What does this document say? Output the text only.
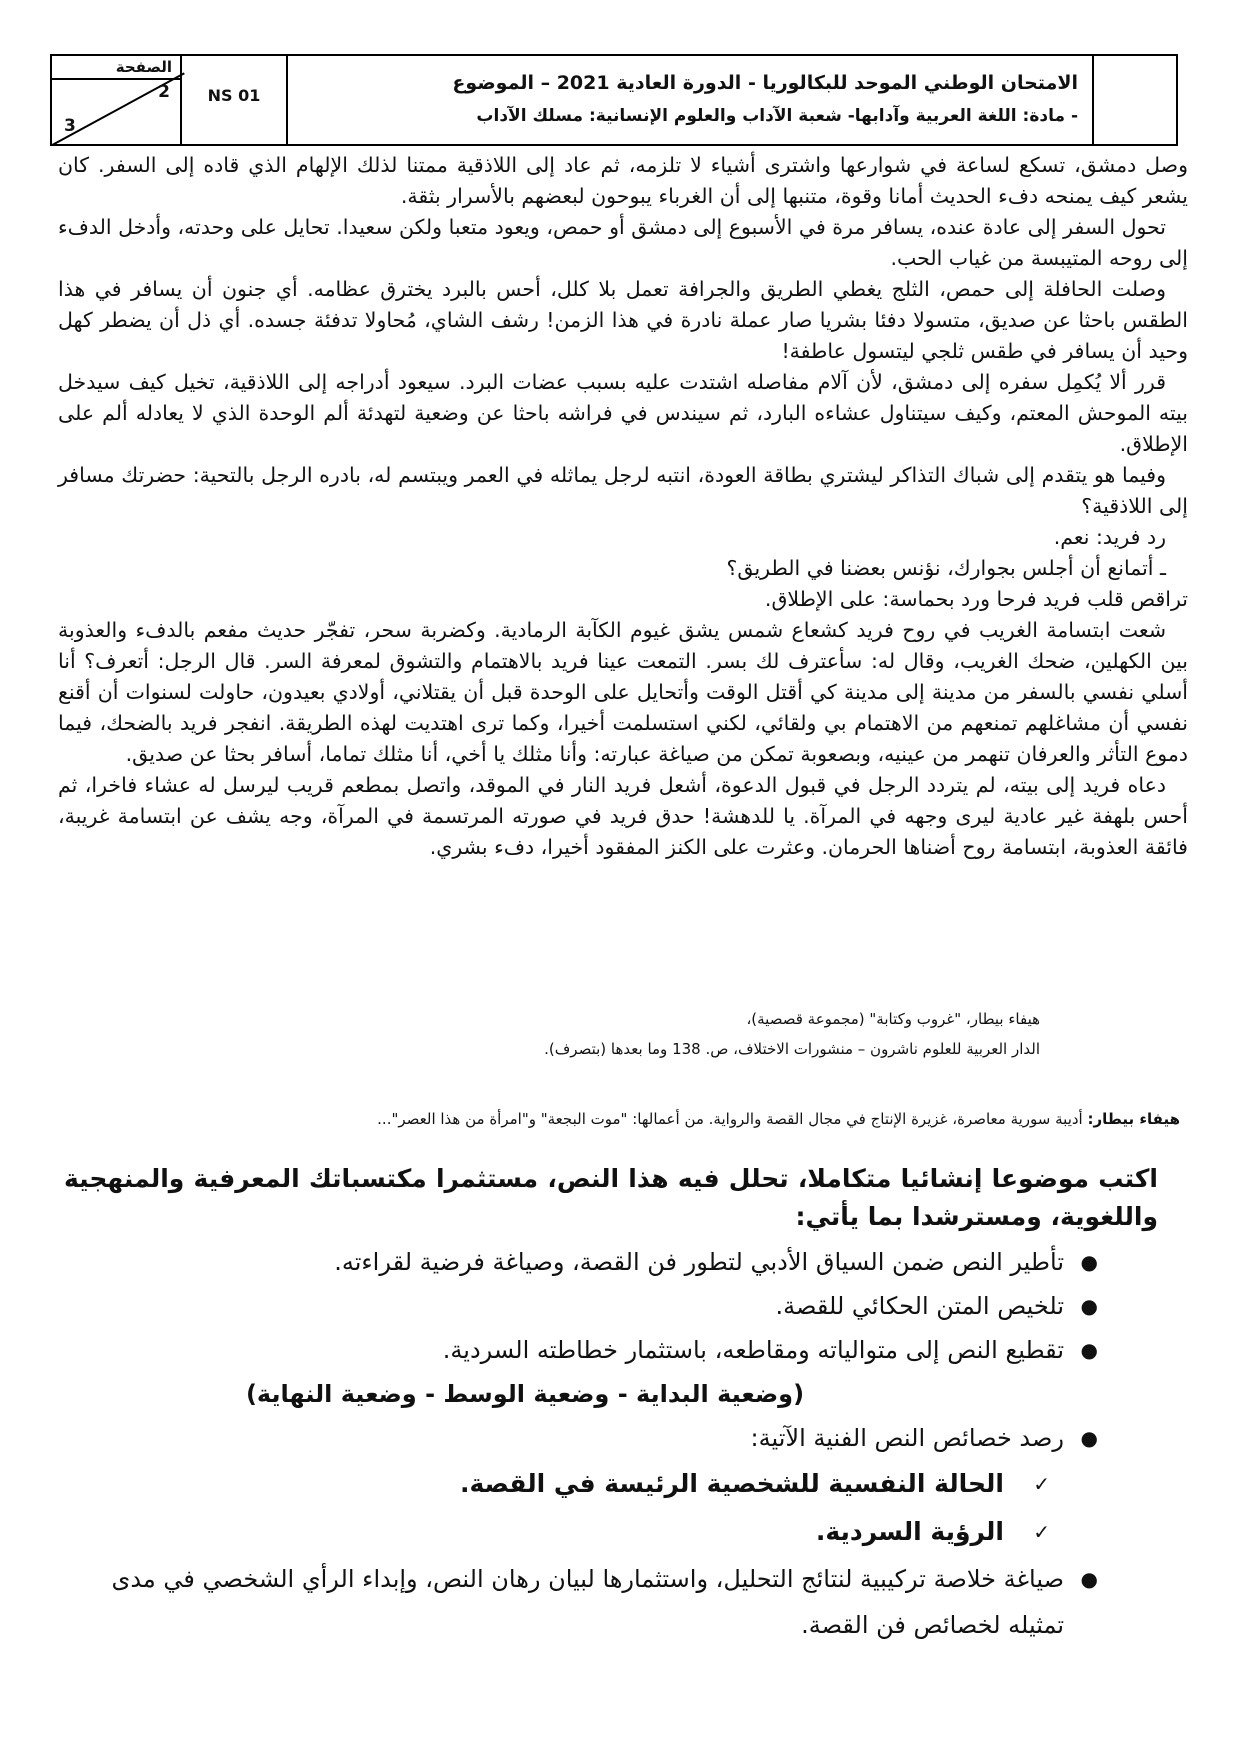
الصفحة
2
3
NS 01
الامتحان الوطني الموحد للبكالوريا - الدورة العادية 2021 – الموضوع
- مادة: اللغة العربية وآدابها- شعبة الآداب والعلوم الإنسانية: مسلك الآداب

وصل دمشق، تسكع لساعة في شوارعها واشترى أشياء لا تلزمه، ثم عاد إلى اللاذقية ممتنا لذلك الإلهام الذي قاده إلى السفر. كان يشعر كيف يمنحه دفء الحديث أمانا وقوة، متنبها إلى أن الغرباء يبوحون لبعضهم بالأسرار بثقة.

تحول السفر إلى عادة عنده، يسافر مرة في الأسبوع إلى دمشق أو حمص، ويعود متعبا ولكن سعيدا. تحايل على وحدته، وأدخل الدفء إلى روحه المتيبسة من غياب الحب.

وصلت الحافلة إلى حمص، الثلج يغطي الطريق والجرافة تعمل بلا كلل، أحس بالبرد يخترق عظامه. أي جنون أن يسافر في هذا الطقس باحثا عن صديق، متسولا دفئا بشريا صار عملة نادرة في هذا الزمن! رشف الشاي، مُحاولا تدفئة جسده. أي ذل أن يضطر كهل وحيد أن يسافر في طقس ثلجي ليتسول عاطفة!

قرر ألا يُكمِل سفره إلى دمشق، لأن آلام مفاصله اشتدت عليه بسبب عضات البرد. سيعود أدراجه إلى اللاذقية، تخيل كيف سيدخل بيته الموحش المعتم، وكيف سيتناول عشاءه البارد، ثم سيندس في فراشه باحثا عن وضعية لتهدئة ألم الوحدة الذي لا يعادله ألم على الإطلاق.

وفيما هو يتقدم إلى شباك التذاكر ليشتري بطاقة العودة، انتبه لرجل يماثله في العمر ويبتسم له، بادره الرجل بالتحية: حضرتك مسافر إلى اللاذقية؟

رد فريد: نعم.

ـ أتمانع أن أجلس بجوارك، نؤنس بعضنا في الطريق؟

تراقص قلب فريد فرحا ورد بحماسة: على الإطلاق.

شعت ابتسامة الغريب في روح فريد كشعاع شمس يشق غيوم الكآبة الرمادية. وكضربة سحر، تفجّر حديث مفعم بالدفء والعذوبة بين الكهلين، ضحك الغريب، وقال له: سأعترف لك بسر. التمعت عينا فريد بالاهتمام والتشوق لمعرفة السر. قال الرجل: أتعرف؟ أنا أسلي نفسي بالسفر من مدينة إلى مدينة كي أقتل الوقت وأتحايل على الوحدة قبل أن يقتلاني، أولادي بعيدون، حاولت لسنوات أن أقنع نفسي أن مشاغلهم تمنعهم من الاهتمام بي ولقائي، لكني استسلمت أخيرا، وكما ترى اهتديت لهذه الطريقة. انفجر فريد بالضحك، فيما دموع التأثر والعرفان تنهمر من عينيه، وبصعوبة تمكن من صياغة عبارته: وأنا مثلك يا أخي، أنا مثلك تماما، أسافر بحثا عن صديق.

دعاه فريد إلى بيته، لم يتردد الرجل في قبول الدعوة، أشعل فريد النار في الموقد، واتصل بمطعم قريب ليرسل له عشاء فاخرا، ثم أحس بلهفة غير عادية ليرى وجهه في المرآة. يا للدهشة! حدق فريد في صورته المرتسمة في المرآة، وجه يشف عن ابتسامة غريبة، فائقة العذوبة، ابتسامة روح أضناها الحرمان. وعثرت على الكنز المفقود أخيرا، دفء بشري.

هيفاء بيطار، "غروب وكتابة" (مجموعة قصصية)،
الدار العربية للعلوم ناشرون – منشورات الاختلاف، ص. 138 وما بعدها (بتصرف).
هيفاء بيطار: أديبة سورية معاصرة، غزيرة الإنتاج في مجال القصة والرواية. من أعمالها: "موت البجعة" و"امرأة من هذا العصر"...
اكتب موضوعا إنشائيا متكاملا، تحلل فيه هذا النص، مستثمرا مكتسباتك المعرفية والمنهجية واللغوية، ومسترشدا بما يأتي:
●
تأطير النص ضمن السياق الأدبي لتطور فن القصة، وصياغة فرضية لقراءته.
●
تلخيص المتن الحكائي للقصة.
●
تقطيع النص إلى متوالياته ومقاطعه، باستثمار خطاطته السردية.
(وضعية البداية - وضعية الوسط - وضعية النهاية)
●
رصد خصائص النص الفنية الآتية:
✓
الحالة النفسية للشخصية الرئيسة في القصة.
✓
الرؤية السردية.
●
صياغة خلاصة تركيبية لنتائج التحليل، واستثمارها لبيان رهان النص، وإبداء الرأي الشخصي في مدى تمثيله لخصائص فن القصة.
